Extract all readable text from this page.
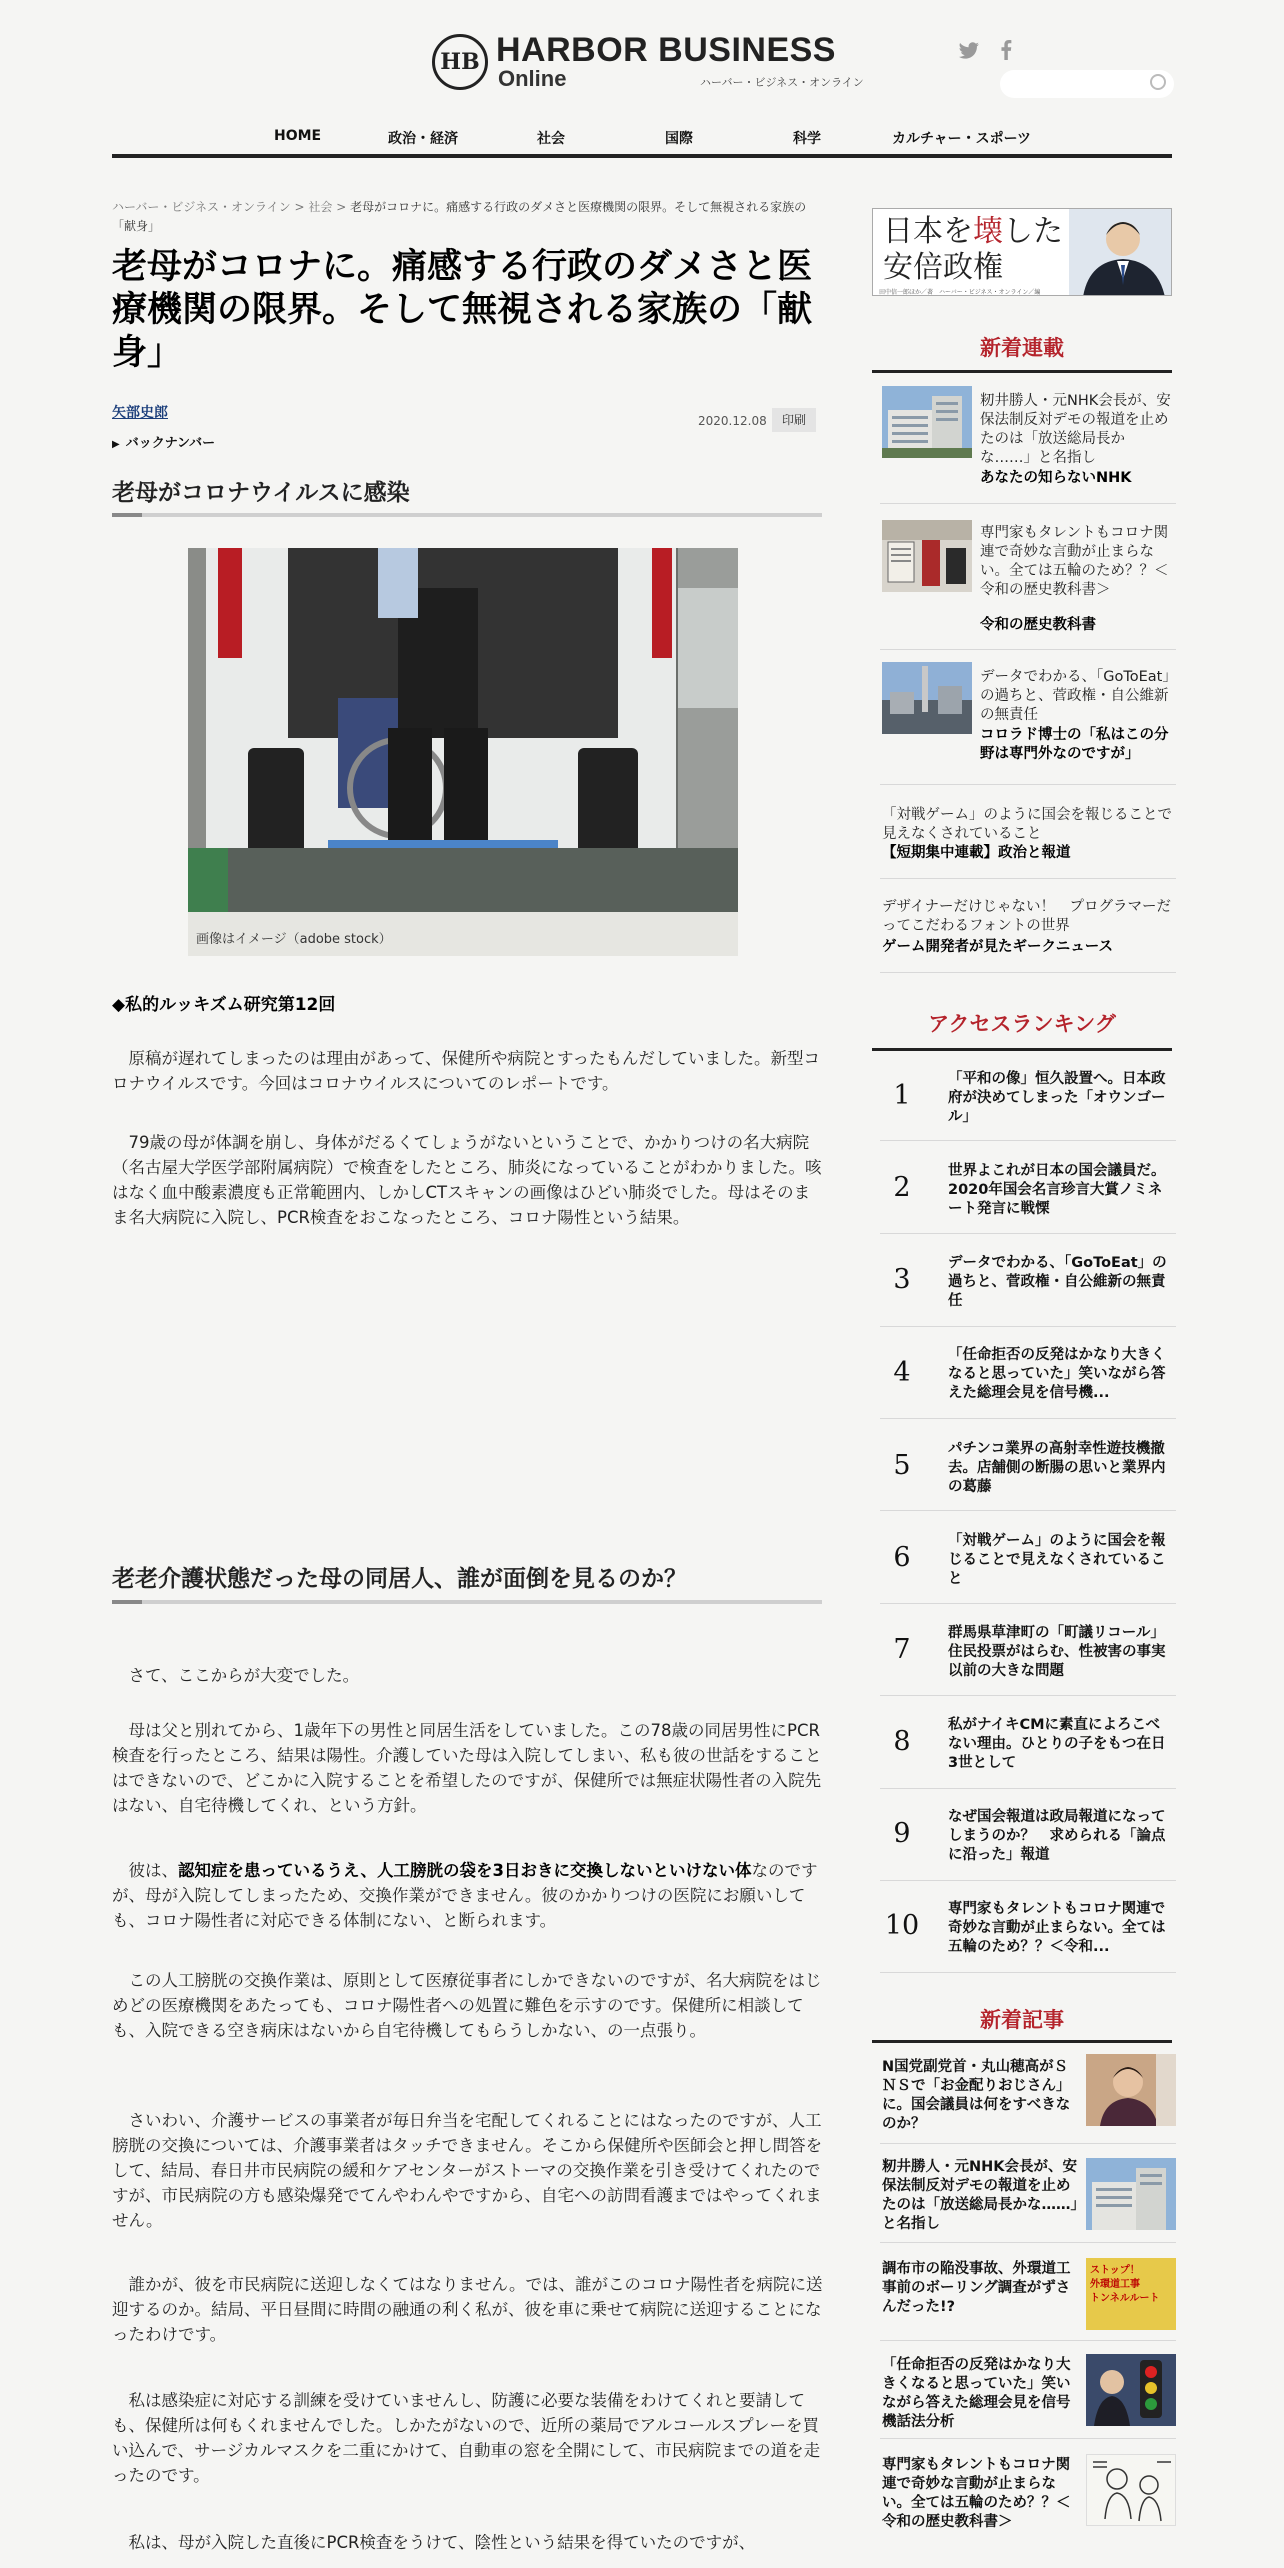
HB HARBOR BUSINESS
Online	ハーバー・ビジネス・オンライン
HOME	政治・経済	社会	国際	科学	カルチャー・スポーツ
ハーバー・ビジネス・オンライン > 社会 > 老母がコロナに。痛感する行政のダメさと医療機関の限界。そして無視される家族の「献身」
老母がコロナに。痛感する行政のダメさと医療機関の限界。そして無視される家族の「献身」
矢部史郎
▶ バックナンバー
2020.12.08	印刷
老母がコロナウイルスに感染
画像はイメージ（adobe stock）
◆私的ルッキズム研究第12回

原稿が遅れてしまったのは理由があって、保健所や病院とすったもんだしていました。新型コロナウイルスです。今回はコロナウイルスについてのレポートです。

79歳の母が体調を崩し、身体がだるくてしょうがないということで、かかりつけの名大病院（名古屋大学医学部附属病院）で検査をしたところ、肺炎になっていることがわかりました。咳はなく血中酸素濃度も正常範囲内、しかしCTスキャンの画像はひどい肺炎でした。母はそのまま名大病院に入院し、PCR検査をおこなったところ、コロナ陽性という結果。

老老介護状態だった母の同居人、誰が面倒を見るのか？

さて、ここからが大変でした。

母は父と別れてから、1歳年下の男性と同居生活をしていました。この78歳の同居男性にPCR検査を行ったところ、結果は陽性。介護していた母は入院してしまい、私も彼の世話をすることはできないので、どこかに入院することを希望したのですが、保健所では無症状陽性者の入院先はない、自宅待機してくれ、という方針。

彼は、認知症を患っているうえ、人工膀胱の袋を3日おきに交換しないといけない体なのですが、母が入院してしまったため、交換作業ができません。彼のかかりつけの医院にお願いしても、コロナ陽性者に対応できる体制にない、と断られます。

この人工膀胱の交換作業は、原則として医療従事者にしかできないのですが、名大病院をはじめどの医療機関をあたっても、コロナ陽性者への処置に難色を示すのです。保健所に相談しても、入院できる空き病床はないから自宅待機してもらうしかない、の一点張り。

さいわい、介護サービスの事業者が毎日弁当を宅配してくれることにはなったのですが、人工膀胱の交換については、介護事業者はタッチできません。そこから保健所や医師会と押し問答をして、結局、春日井市民病院の緩和ケアセンターがストーマの交換作業を引き受けてくれたのですが、市民病院の方も感染爆発でてんやわんやですから、自宅への訪問看護まではやってくれません。

誰かが、彼を市民病院に送迎しなくてはなりません。では、誰がこのコロナ陽性者を病院に送迎するのか。結局、平日昼間に時間の融通の利く私が、彼を車に乗せて病院に送迎することになったわけです。

私は感染症に対応する訓練を受けていませんし、防護に必要な装備をわけてくれと要請しても、保健所は何もくれませんでした。しかたがないので、近所の薬局でアルコールスプレーを買い込んで、サージカルマスクを二重にかけて、自動車の窓を全開にして、市民病院までの道を走ったのです。

私は、母が入院した直後にPCR検査をうけて、陰性という結果を得ていたのですが、

日本を壊した
安倍政権
田中信一郎ほか／著　ハーバー・ビジネス・オンライン／編
新着連載
籾井勝人・元NHK会長が、安保法制反対デモの報道を止めたのは「放送総局長かな……」と名指し
あなたの知らないNHK
専門家もタレントもコロナ関連で奇妙な言動が止まらない。全ては五輪のため？？＜令和の歴史教科書＞
令和の歴史教科書
データでわかる、「GoToEat」の過ちと、菅政権・自公維新の無責任
コロラド博士の「私はこの分野は専門外なのですが」
「対戦ゲーム」のように国会を報じることで見えなくされていること
【短期集中連載】政治と報道
デザイナーだけじゃない！　プログラマーだってこだわるフォントの世界
ゲーム開発者が見たギークニュース
アクセスランキング
1
「平和の像」恒久設置へ。日本政府が決めてしまった「オウンゴール」
2
世界よこれが日本の国会議員だ。2020年国会名言珍言大賞ノミネート発言に戦慄
3
データでわかる、「GoToEat」の過ちと、菅政権・自公維新の無責任
4
「任命拒否の反発はかなり大きくなると思っていた」笑いながら答えた総理会見を信号機...
5
パチンコ業界の高射幸性遊技機撤去。店舗側の断腸の思いと業界内の葛藤
6
「対戦ゲーム」のように国会を報じることで見えなくされていること
7
群馬県草津町の「町議リコール」住民投票がはらむ、性被害の事実以前の大きな問題
8
私がナイキCMに素直によろこべない理由。ひとりの子をもつ在日3世として
9
なぜ国会報道は政局報道になってしまうのか？　求められる「論点に沿った」報道
10
専門家もタレントもコロナ関連で奇妙な言動が止まらない。全ては五輪のため？？＜令和...
新着記事
N国党副党首・丸山穂高がＳＮＳで「お金配りおじさん」に。国会議員は何をすべきなのか？
籾井勝人・元NHK会長が、安保法制反対デモの報道を止めたのは「放送総局長かな……」と名指し
調布市の陥没事故、外環道工事前のボーリング調査がずさんだった!?
ストップ！
外環道工事
トンネルルート
「任命拒否の反発はかなり大きくなると思っていた」笑いながら答えた総理会見を信号機話法分析
専門家もタレントもコロナ関連で奇妙な言動が止まらない。全ては五輪のため？？＜令和の歴史教科書＞
